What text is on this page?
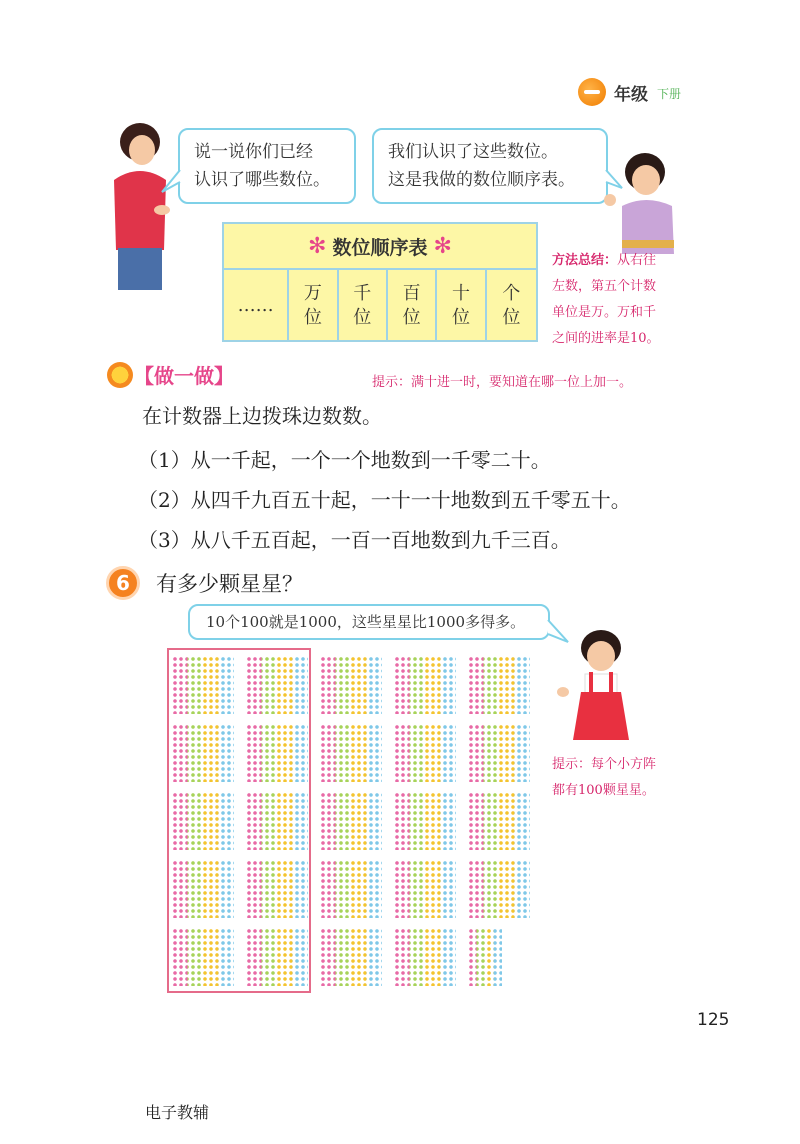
年级 下册
说一说你们已经
认识了哪些数位。
我们认识了这些数位。
这是我做的数位顺序表。
✻ 数位顺序表 ✻
……
万
位
千
位
百
位
十
位
个
位
方法总结：从右往
左数，第五个计数
单位是万。万和千
之间的进率是10。
【做一做】	提示：满十进一时，要知道在哪一位上加一。
在计数器上边拨珠边数数。
（1）从一千起，一个一个地数到一千零二十。
（2）从四千九百五十起，一十一十地数到五千零五十。
（3）从八千五百起，一百一百地数到九千三百。
6	有多少颗星星？
10个100就是1000，这些星星比1000多得多。
提示：每个小方阵
都有100颗星星。
125
电子教辅
